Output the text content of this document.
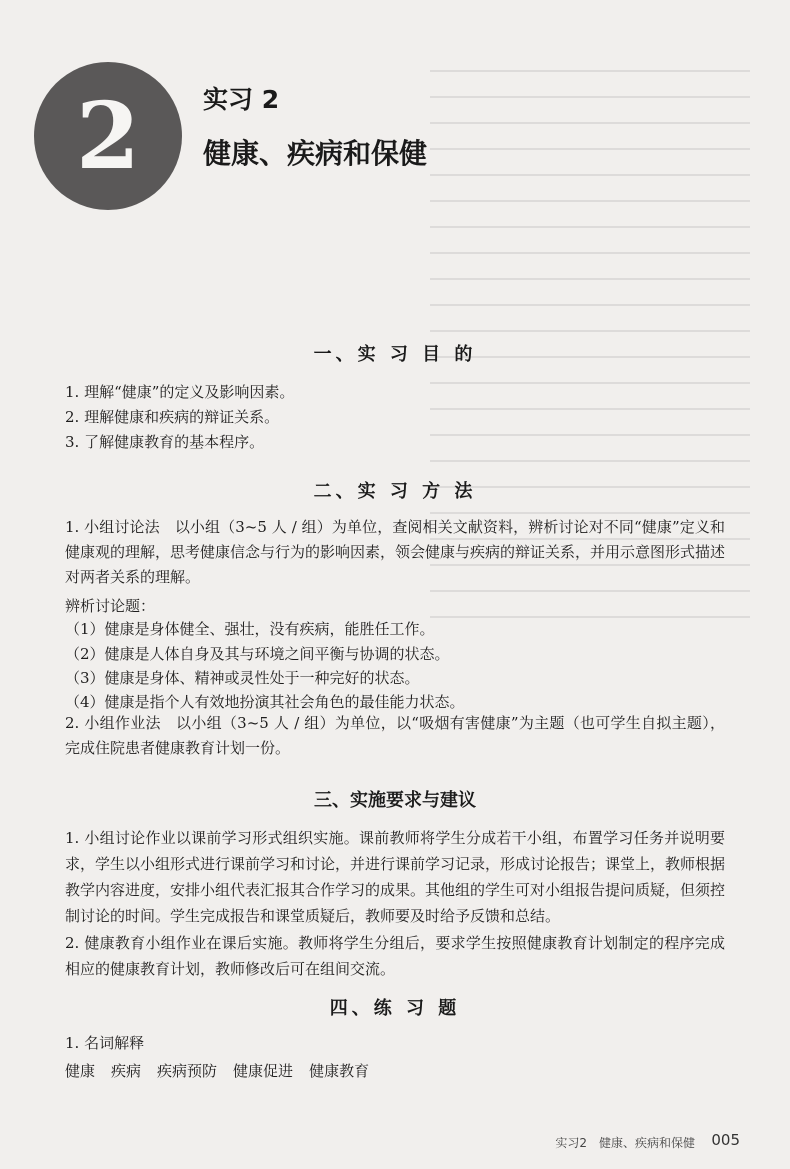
2	实习 2
健康、疾病和保健
一、实 习 目 的
1. 理解“健康”的定义及影响因素。
2. 理解健康和疾病的辩证关系。
3. 了解健康教育的基本程序。
二、实 习 方 法
1. 小组讨论法　以小组（3~5 人 / 组）为单位，查阅相关文献资料，辨析讨论对不同“健康”定义和健康观的理解，思考健康信念与行为的影响因素，领会健康与疾病的辩证关系，并用示意图形式描述对两者关系的理解。
辨析讨论题：
（1）健康是身体健全、强壮，没有疾病，能胜任工作。
（2）健康是人体自身及其与环境之间平衡与协调的状态。
（3）健康是身体、精神或灵性处于一种完好的状态。
（4）健康是指个人有效地扮演其社会角色的最佳能力状态。
2. 小组作业法　以小组（3~5 人 / 组）为单位，以“吸烟有害健康”为主题（也可学生自拟主题），完成住院患者健康教育计划一份。
三、实施要求与建议
1. 小组讨论作业以课前学习形式组织实施。课前教师将学生分成若干小组，布置学习任务并说明要求，学生以小组形式进行课前学习和讨论，并进行课前学习记录，形成讨论报告；课堂上，教师根据教学内容进度，安排小组代表汇报其合作学习的成果。其他组的学生可对小组报告提问质疑，但须控制讨论的时间。学生完成报告和课堂质疑后，教师要及时给予反馈和总结。
2. 健康教育小组作业在课后实施。教师将学生分组后，要求学生按照健康教育计划制定的程序完成相应的健康教育计划，教师修改后可在组间交流。
四、练 习 题
1. 名词解释
健康 疾病 疾病预防 健康促进 健康教育
实习2　健康、疾病和保健 005
